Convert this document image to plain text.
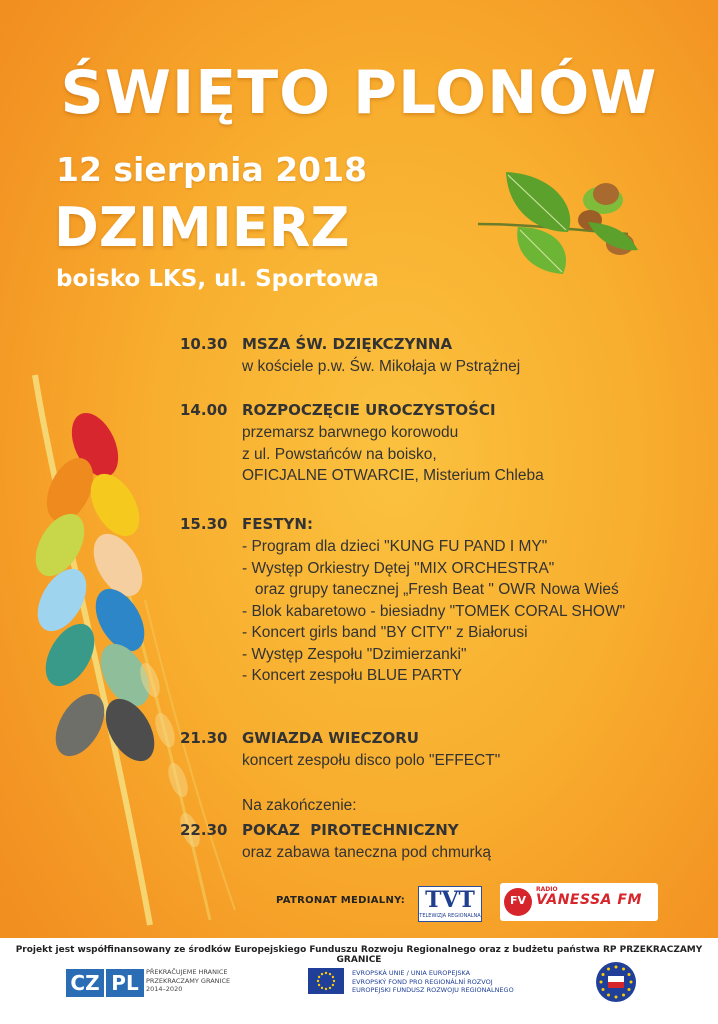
ŚWIĘTO PLONÓW
12 sierpnia 2018
DZIMIERZ
boisko LKS, ul. Sportowa
10.30 MSZA ŚW. DZIĘKCZYNNA
w kościele p.w. Św. Mikołaja w Pstrążnej
14.00 ROZPOCZĘCIE UROCZYSTOŚCI
przemarsz barwnego korowodu
z ul. Powstańców na boisko,
OFICJALNE OTWARCIE, Misterium Chleba
15.30 FESTYN:
- Program dla dzieci "KUNG FU PAND I MY"
- Występ Orkiestry Dętej "MIX ORCHESTRA"
oraz grupy tanecznej „Fresh Beat " OWR Nowa Wieś
- Blok kabaretowo - biesiadny "TOMEK CORAL SHOW"
- Koncert girls band "BY CITY" z Białorusi
- Występ Zespołu "Dzimierzanki"
- Koncert zespołu BLUE PARTY
21.30 GWIAZDA WIECZORU
koncert zespołu disco polo "EFFECT"
Na zakończenie:
22.30 POKAZ  PIROTECHNICZNY
oraz zabawa taneczna pod chmurką
PATRONAT MEDIALNY: TVT
TELEWIZJA REGIONALNA
FV
RADIO
VANESSA FM
Projekt jest współfinansowany ze środków Europejskiego Funduszu Rozwoju Regionalnego oraz z budżetu państwa RP PRZEKRACZAMY GRANICE
CZ PL	PŘEKRAČUJEME HRANICE
PRZEKRACZAMY GRANICE
2014–2020
EVROPSKÁ UNIE / UNIA EUROPEJSKA
EVROPSKÝ FOND PRO REGIONÁLNÍ ROZVOJ
EUROPEJSKI FUNDUSZ ROZWOJU REGIONALNEGO
